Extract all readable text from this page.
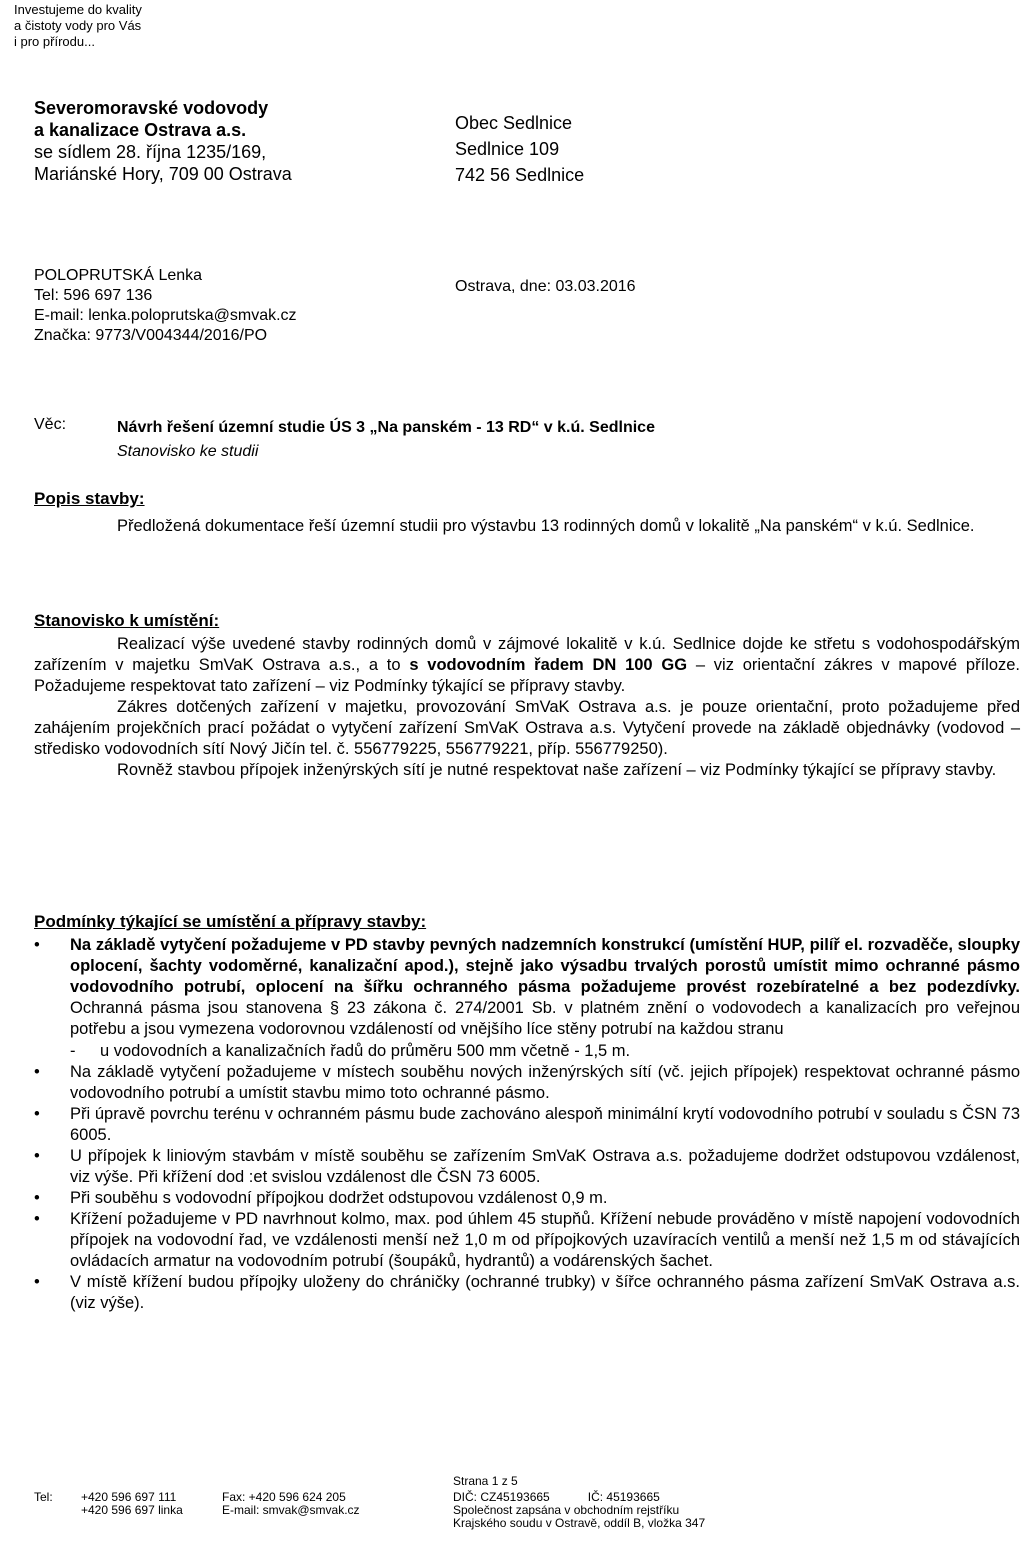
Investujeme do kvality
a čistoty vody pro Vás
i pro přírodu...
Severomoravské vodovody
a kanalizace Ostrava a.s.
se sídlem 28. října 1235/169,
Mariánské Hory, 709 00 Ostrava
Obec Sedlnice
Sedlnice 109
742 56 Sedlnice
POLOPRUTSKÁ Lenka
Tel: 596 697 136
E-mail: lenka.poloprutska@smvak.cz
Značka: 9773/V004344/2016/PO
Ostrava, dne: 03.03.2016
Věc:	Návrh řešení územní studie ÚS 3 „Na panském - 13 RD“ v k.ú. Sedlnice
Stanovisko ke studii
Popis stavby:

Předložená dokumentace řeší územní studii pro výstavbu 13 rodinných domů v lokalitě „Na panském“ v k.ú. Sedlnice.

Stanovisko k umístění:

Realizací výše uvedené stavby rodinných domů v zájmové lokalitě v k.ú. Sedlnice dojde ke střetu s vodohospodářským zařízením v majetku SmVaK Ostrava a.s., a to s vodovodním řadem DN 100 GG – viz orientační zákres v mapové příloze. Požadujeme respektovat tato zařízení – viz Podmínky týkající se přípravy stavby.

Zákres dotčených zařízení v majetku, provozování SmVaK Ostrava a.s. je pouze orientační, proto požadujeme před zahájením projekčních prací požádat o vytyčení zařízení SmVaK Ostrava a.s. Vytyčení provede na základě objednávky (vodovod – středisko vodovodních sítí Nový Jičín tel. č. 556779225, 556779221, příp. 556779250).

Rovněž stavbou přípojek inženýrských sítí je nutné respektovat naše zařízení – viz Podmínky týkající se přípravy stavby.

Podmínky týkající se umístění a přípravy stavby:
• Na základě vytyčení požadujeme v PD stavby pevných nadzemních konstrukcí (umístění HUP, pilíř el. rozvaděče, sloupky oplocení, šachty vodoměrné, kanalizační apod.), stejně jako výsadbu trvalých porostů umístit mimo ochranné pásmo vodovodního potrubí, oplocení na šířku ochranného pásma požadujeme provést rozebíratelné a bez podezdívky. Ochranná pásma jsou stanovena § 23 zákona č. 274/2001 Sb. v platném znění o vodovodech a kanalizacích pro veřejnou potřebu a jsou vymezena vodorovnou vzdáleností od vnějšího líce stěny potrubí na každou stranu
- u vodovodních a kanalizačních řadů do průměru 500 mm včetně - 1,5 m.
• Na základě vytyčení požadujeme v místech souběhu nových inženýrských sítí (vč. jejich přípojek) respektovat ochranné pásmo vodovodního potrubí a umístit stavbu mimo toto ochranné pásmo.
• Při úpravě povrchu terénu v ochranném pásmu bude zachováno alespoň minimální krytí vodovodního potrubí v souladu s ČSN 73 6005.
• U přípojek k liniovým stavbám v místě souběhu se zařízením SmVaK Ostrava a.s. požadujeme dodržet odstupovou vzdálenost, viz výše. Při křížení dod :et svislou vzdálenost dle ČSN 73 6005.
• Při souběhu s vodovodní přípojkou dodržet odstupovou vzdálenost 0,9 m.
• Křížení požadujeme v PD navrhnout kolmo, max. pod úhlem 45 stupňů. Křížení nebude prováděno v místě napojení vodovodních přípojek na vodovodní řad, ve vzdálenosti menší než 1,0 m od přípojkových uzavíracích ventilů a menší než 1,5 m od stávajících ovládacích armatur na vodovodním potrubí (šoupáků, hydrantů) a vodárenských šachet.
• V místě křížení budou přípojky uloženy do chráničky (ochranné trubky) v šířce ochranného pásma zařízení SmVaK Ostrava a.s. (viz výše).
Strana 1 z 5
Tel: +420 596 697 111
+420 596 697 linka
Fax: +420 596 624 205
E-mail: smvak@smvak.cz
DIČ: CZ45193665	IČ: 45193665
Společnost zapsána v obchodním rejstříku
Krajského soudu v Ostravě, oddíl B, vložka 347
